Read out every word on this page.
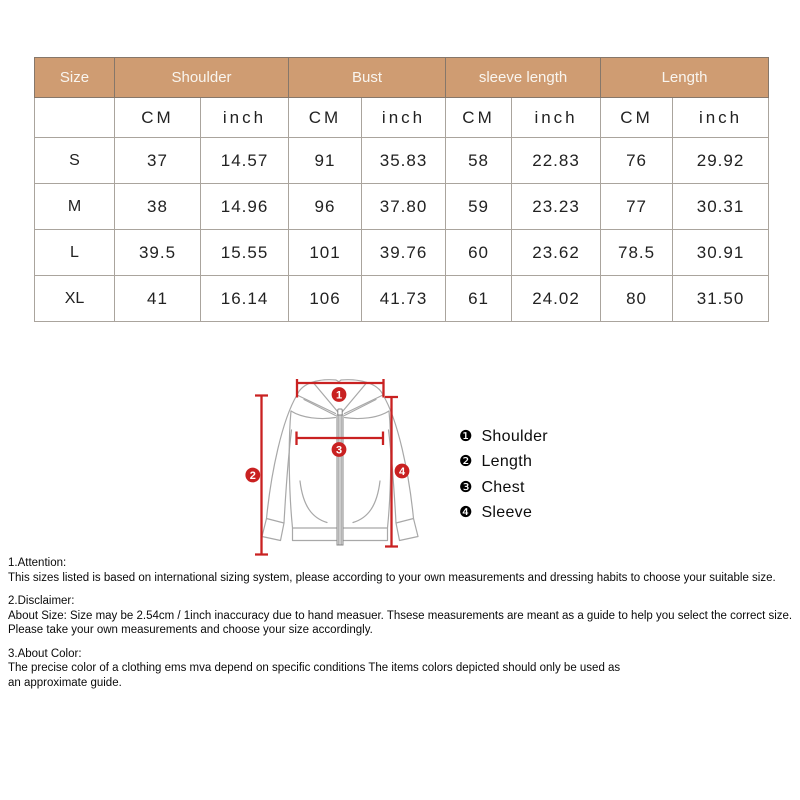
Size	Shoulder		Bust		sleeve length		Length	
	CM	inch	CM	inch	CM	inch	CM	inch
S	37	14.57	91	35.83	58	22.83	76	29.92
M	38	14.96	96	37.80	59	23.23	77	30.31
L	39.5	15.55	101	39.76	60	23.62	78.5	30.91
XL	41	16.14	106	41.73	61	24.02	80	31.50
1
2
3
4
❶ Shoulder
❷ Length
❸ Chest
❹ Sleeve
1.Attention:
This sizes listed is based on international sizing system, please according to your own measurements and dressing habits to choose your suitable size.
2.Disclaimer:
About Size: Size may be 2.54cm / 1inch inaccuracy due to hand measuer. Thsese measurements are meant as a guide to help you select the correct size.
Please take your own measurements and choose your size accordingly.
3.About Color:
The precise color of a clothing ems mva depend on specific conditions The items colors depicted should only be used as
an approximate guide.
